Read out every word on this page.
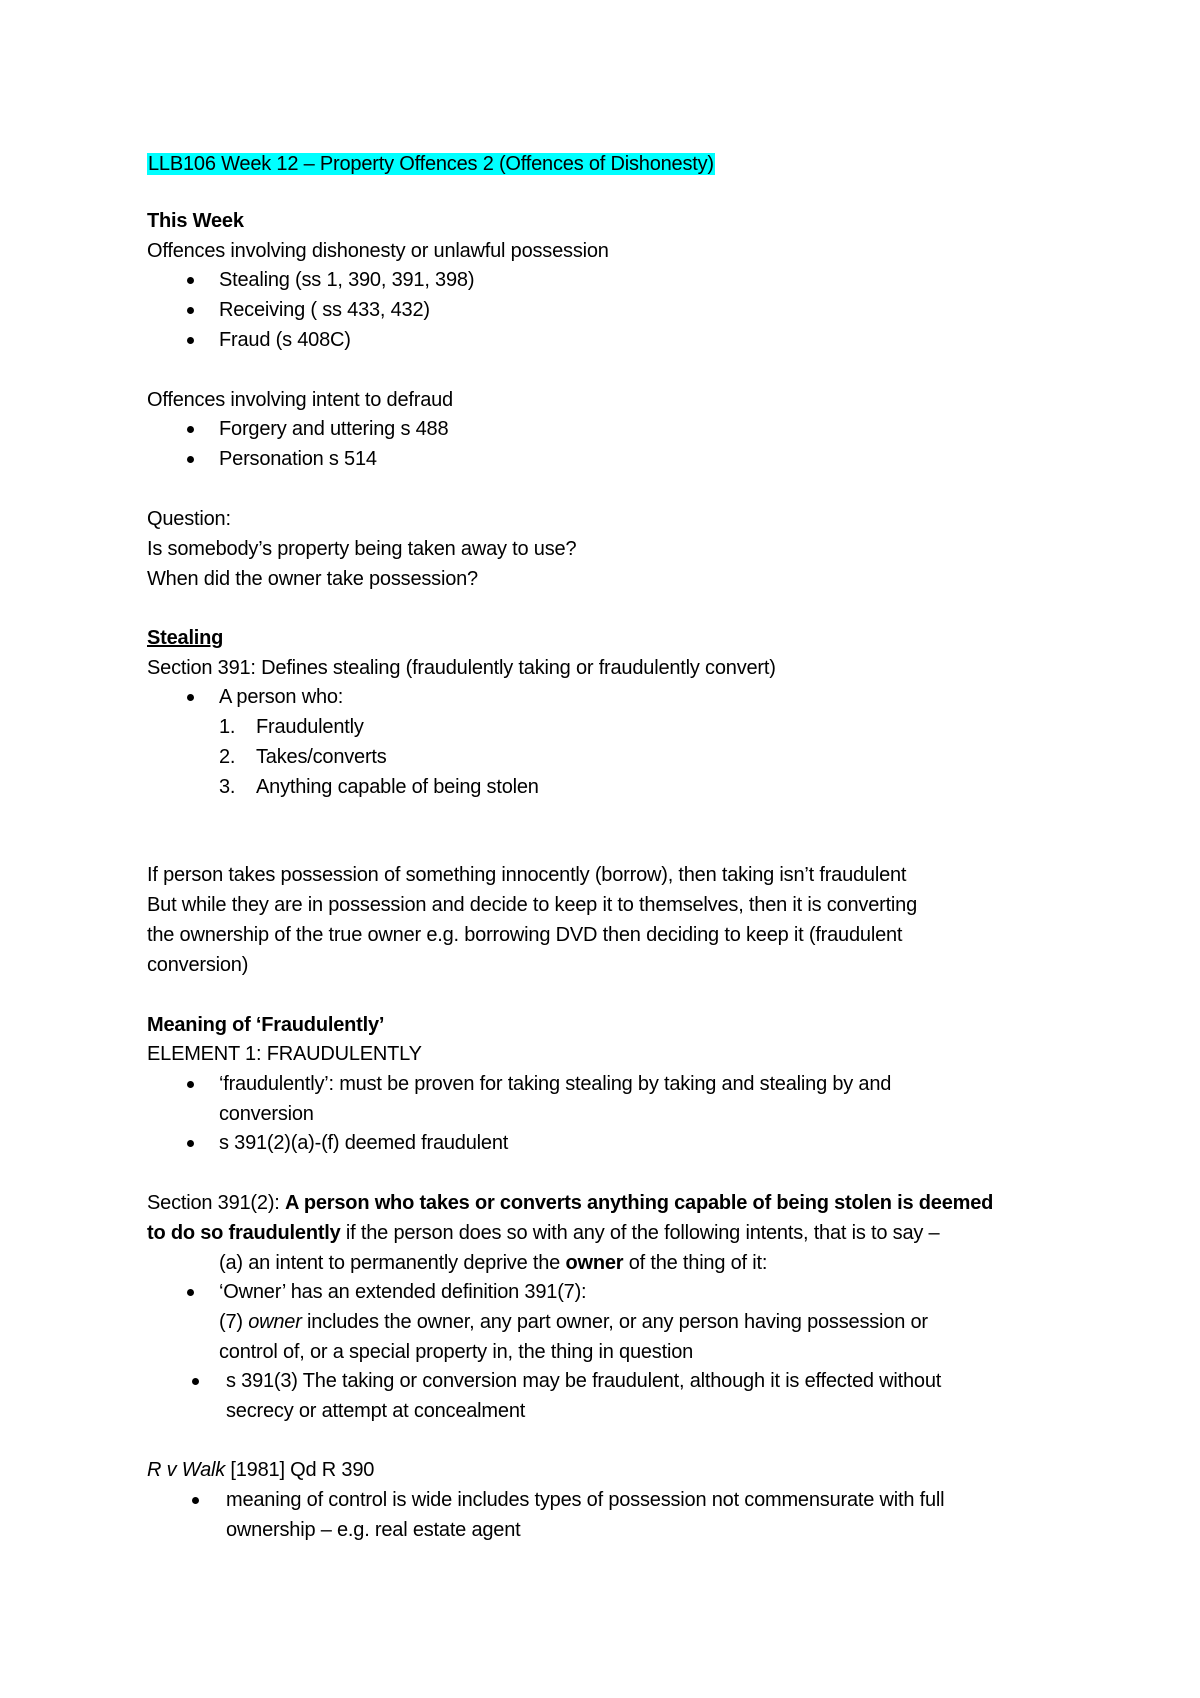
LLB106 Week 12 – Property Offences 2 (Offences of Dishonesty)
This Week
Offences involving dishonesty or unlawful possession
Stealing (ss 1, 390, 391, 398)
Receiving ( ss 433, 432)
Fraud (s 408C)
Offences involving intent to defraud
Forgery and uttering s 488
Personation s 514
Question:
Is somebody’s property being taken away to use?
When did the owner take possession?
Stealing
Section 391: Defines stealing (fraudulently taking or fraudulently convert)
A person who:
1. Fraudulently
2. Takes/converts
3. Anything capable of being stolen
If person takes possession of something innocently (borrow), then taking isn’t fraudulent
But while they are in possession and decide to keep it to themselves, then it is converting
the ownership of the true owner e.g. borrowing DVD then deciding to keep it (fraudulent
conversion)
Meaning of ‘Fraudulently’
ELEMENT 1: FRAUDULENTLY
‘fraudulently’: must be proven for taking stealing by taking and stealing by and
conversion
s 391(2)(a)-(f) deemed fraudulent
Section 391(2): A person who takes or converts anything capable of being stolen is deemed
to do so fraudulently if the person does so with any of the following intents, that is to say –
(a) an intent to permanently deprive the owner of the thing of it:
‘Owner’ has an extended definition 391(7):
(7) owner includes the owner, any part owner, or any person having possession or
control of, or a special property in, the thing in question
s 391(3) The taking or conversion may be fraudulent, although it is effected without
secrecy or attempt at concealment
R v Walk [1981] Qd R 390
meaning of control is wide includes types of possession not commensurate with full
ownership – e.g. real estate agent
